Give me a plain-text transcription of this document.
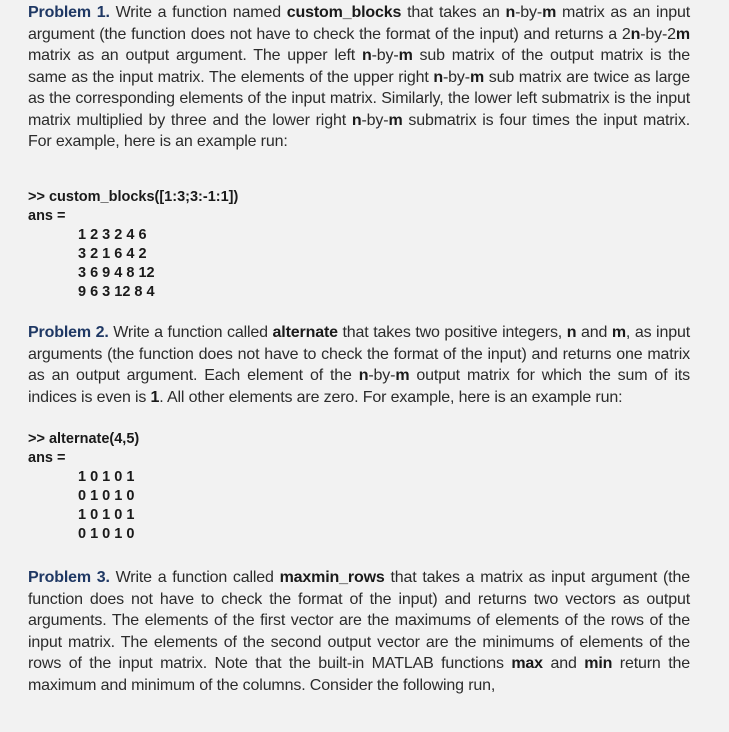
Problem 1. Write a function named custom_blocks that takes an n-by-m matrix as an input argument (the function does not have to check the format of the input) and returns a 2n-by-2m matrix as an output argument. The upper left n-by-m sub matrix of the output matrix is the same as the input matrix. The elements of the upper right n-by-m sub matrix are twice as large as the corresponding elements of the input matrix. Similarly, the lower left submatrix is the input matrix multiplied by three and the lower right n-by-m submatrix is four times the input matrix. For example, here is an example run:

>> custom_blocks([1:3;3:-1:1])
ans =
1 2 3 2 4 6
3 2 1 6 4 2
3 6 9 4 8 12
9 6 3 12 8 4

Problem 2. Write a function called alternate that takes two positive integers, n and m, as input arguments (the function does not have to check the format of the input) and returns one matrix as an output argument. Each element of the n-by-m output matrix for which the sum of its indices is even is 1. All other elements are zero. For example, here is an example run:

>> alternate(4,5)
ans =
1 0 1 0 1
0 1 0 1 0
1 0 1 0 1
0 1 0 1 0

Problem 3. Write a function called maxmin_rows that takes a matrix as input argument (the function does not have to check the format of the input) and returns two vectors as output arguments. The elements of the first vector are the maximums of elements of the rows of the input matrix. The elements of the second output vector are the minimums of elements of the rows of the input matrix. Note that the built-in MATLAB functions max and min return the maximum and minimum of the columns. Consider the following run,
